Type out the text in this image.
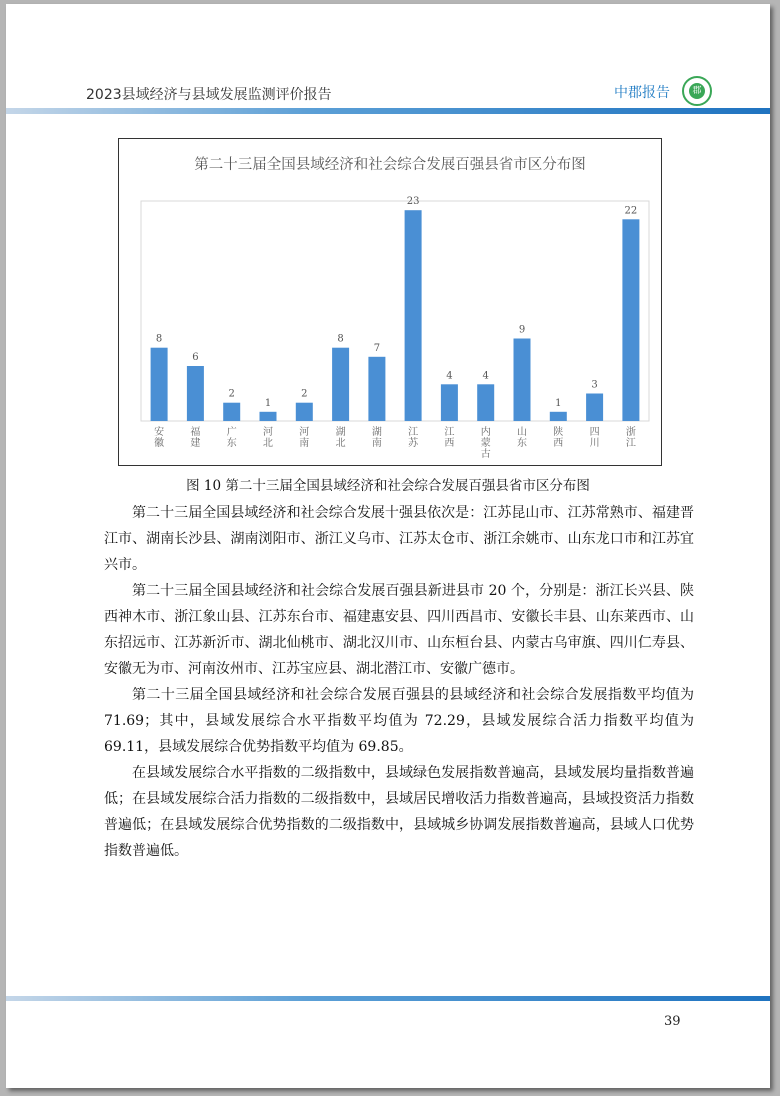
2023县域经济与县域发展监测评价报告	中郡报告	郡
第二十三届全国县域经济和社会综合发展百强县省市区分布图
8
安徽
6
福建
2
广东
1
河北
2
河南
8
湖北
7
湖南
23
江苏
4
江西
4
内蒙古
9
山东
1
陕西
3
四川
22
浙江
图 10 第二十三届全国县域经济和社会综合发展百强县省市区分布图

第二十三届全国县域经济和社会综合发展十强县依次是：江苏昆山市、江苏常熟市、福建晋江市、湖南长沙县、湖南浏阳市、浙江义乌市、江苏太仓市、浙江余姚市、山东龙口市和江苏宜兴市。

第二十三届全国县域经济和社会综合发展百强县新进县市 20 个，分别是：浙江长兴县、陕西神木市、浙江象山县、江苏东台市、福建惠安县、四川西昌市、安徽长丰县、山东莱西市、山东招远市、江苏新沂市、湖北仙桃市、湖北汉川市、山东桓台县、内蒙古乌审旗、四川仁寿县、安徽无为市、河南汝州市、江苏宝应县、湖北潜江市、安徽广德市。

第二十三届全国县域经济和社会综合发展百强县的县域经济和社会综合发展指数平均值为 71.69；其中，县域发展综合水平指数平均值为 72.29，县域发展综合活力指数平均值为 69.11，县域发展综合优势指数平均值为 69.85。

在县域发展综合水平指数的二级指数中，县域绿色发展指数普遍高，县域发展均量指数普遍低；在县域发展综合活力指数的二级指数中，县域居民增收活力指数普遍高，县域投资活力指数普遍低；在县域发展综合优势指数的二级指数中，县域城乡协调发展指数普遍高，县域人口优势指数普遍低。

39
